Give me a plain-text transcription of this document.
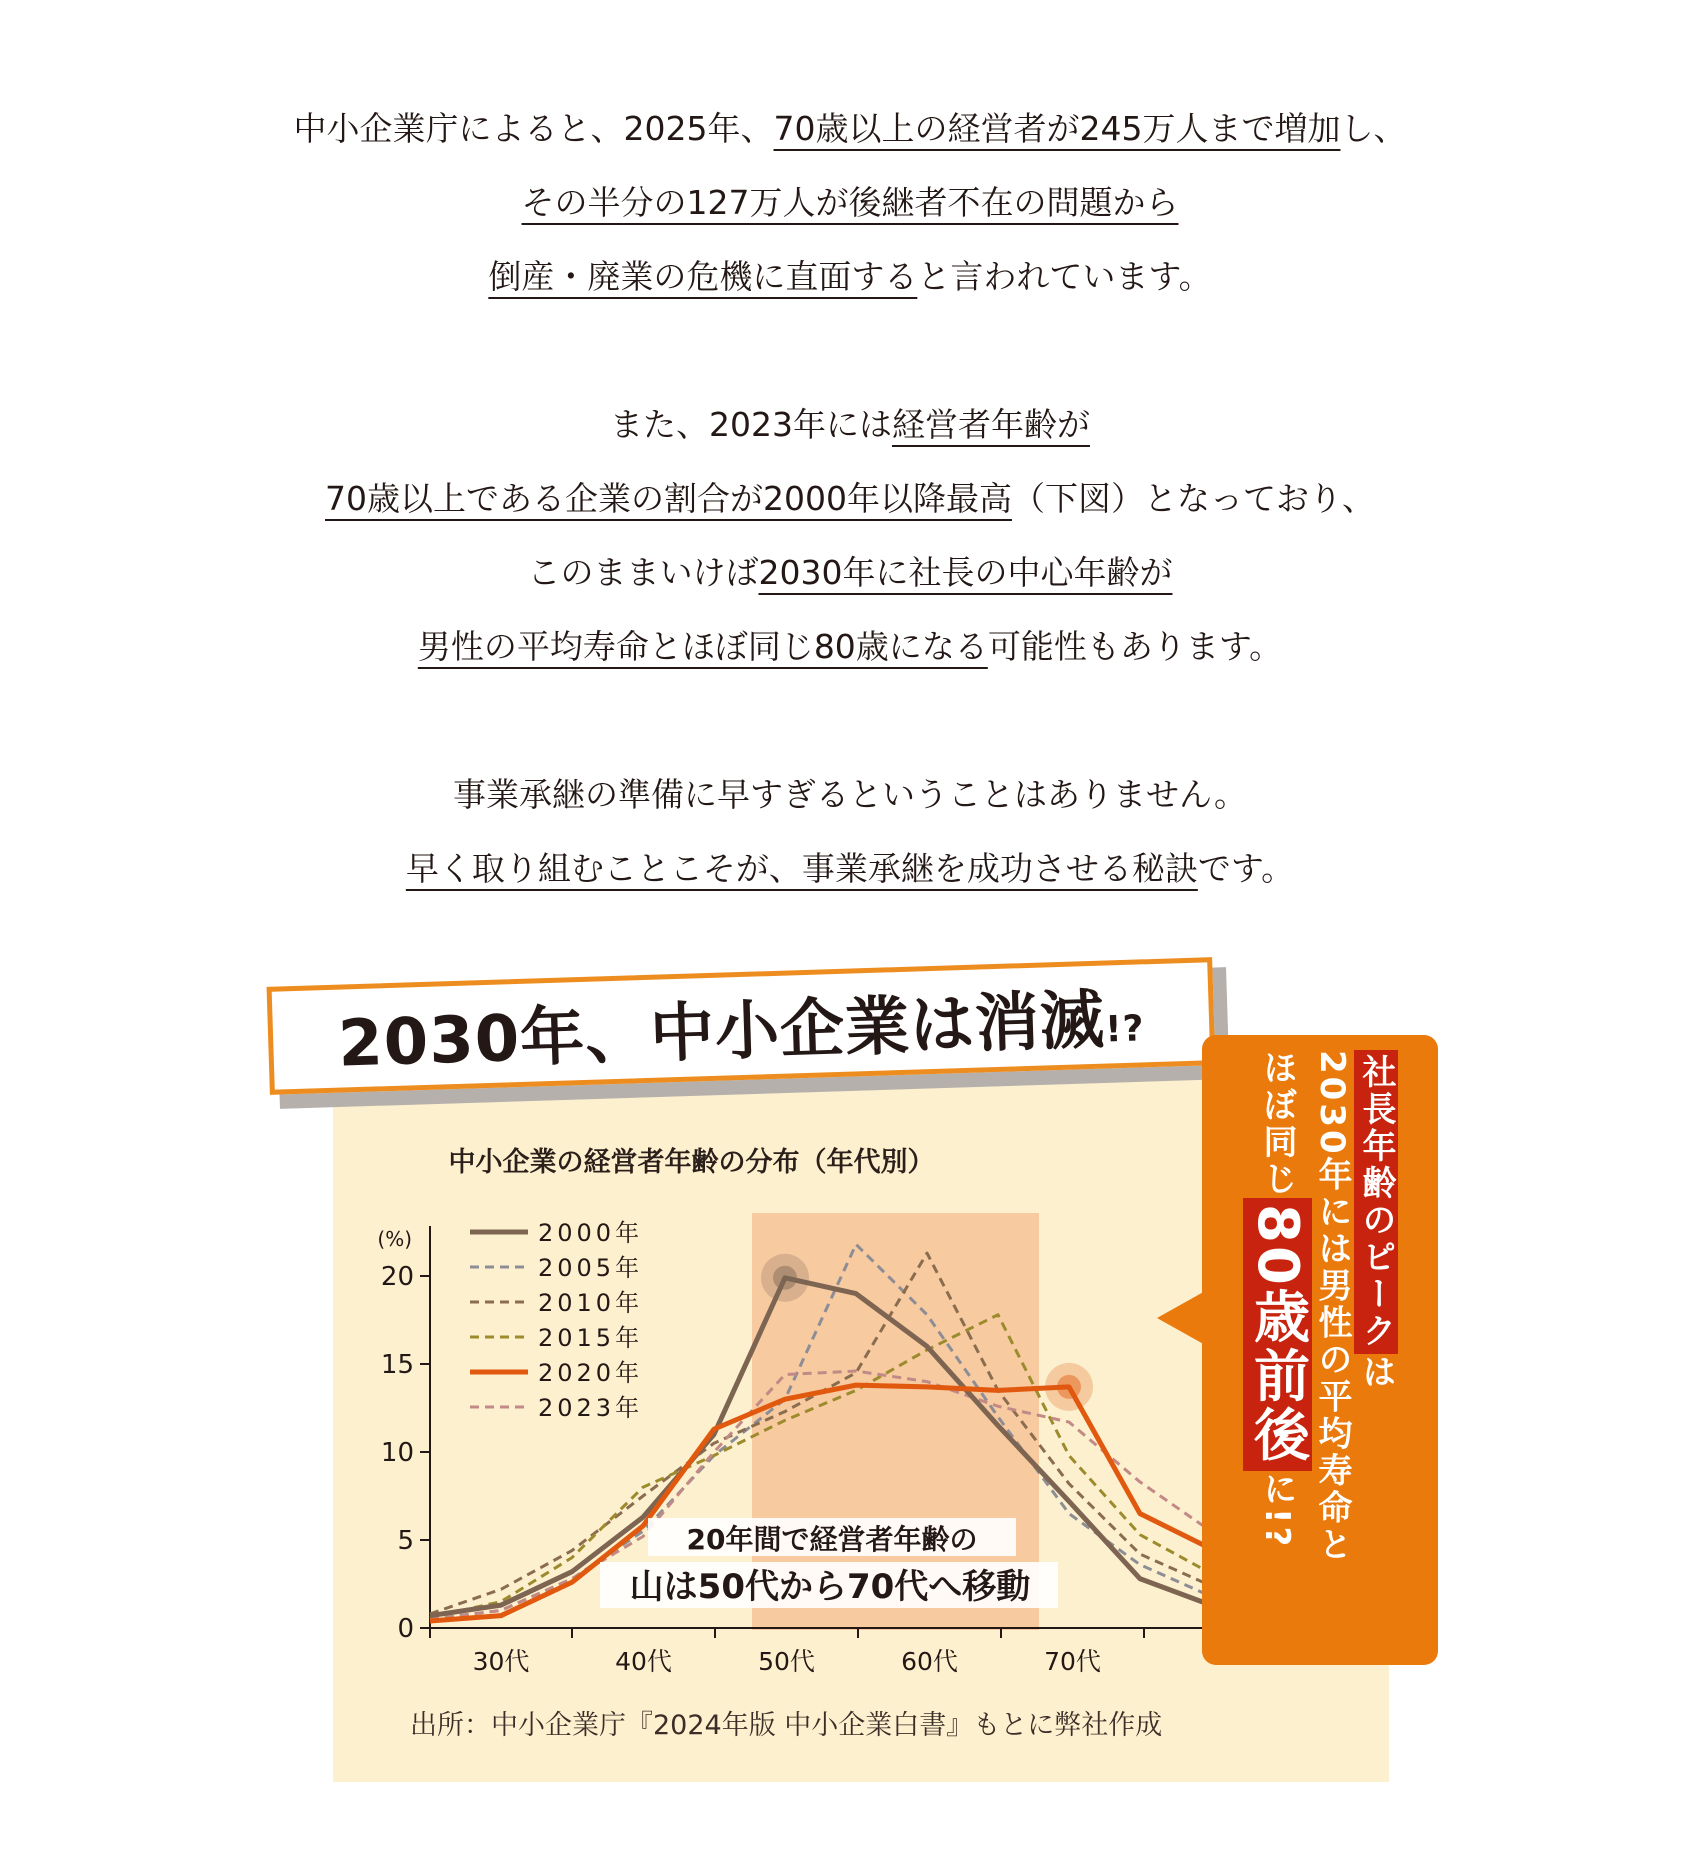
中小企業庁によると、2025年、70歳以上の経営者が245万人まで増加し、

その半分の127万人が後継者不在の問題から

倒産・廃業の危機に直面すると言われています。

また、2023年には経営者年齢が

70歳以上である企業の割合が2000年以降最高（下図）となっており、

このままいけば2030年に社長の中心年齢が

男性の平均寿命とほぼ同じ80歳になる可能性もあります。

事業承継の準備に早すぎるということはありません。

早く取り組むことこそが、事業承継を成功させる秘訣です。

2030年、中小企業は消滅!?
中小企業の経営者年齢の分布（年代別）
0
5
10
15
20
(%)
30代	40代	50代	60代	70代
2000年
2005年
2010年
2015年
2020年
2023年
20年間で経営者年齢の
山は50代から70代へ移動
社長年齢のピークは
2030年には男性の平均寿命と
ほぼ同じ80歳前後に!?
出所：中小企業庁『2024年版 中小企業白書』もとに弊社作成
